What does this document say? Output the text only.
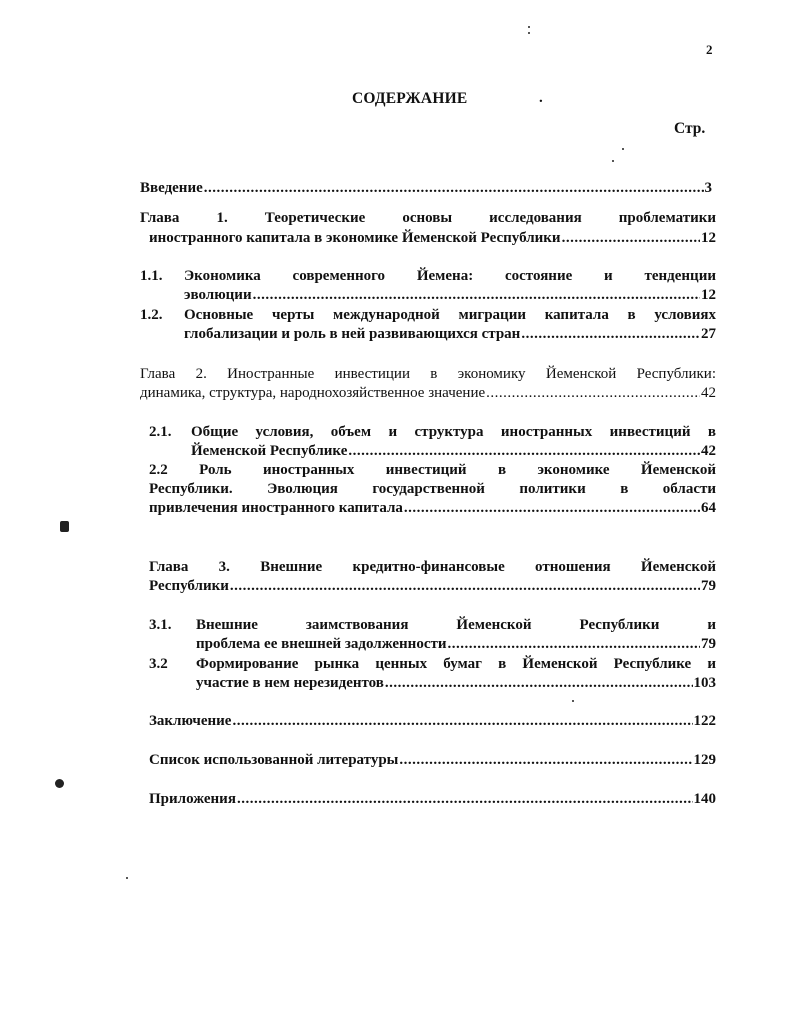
2
СОДЕРЖАНИЕ	.
Стр.
Введение .....	3
Глава 1. Теоретические основы исследования проблематики
иностранного капитала в экономике Йеменской Республики .....	12
1.1. Экономика современного Йемена: состояние и тенденции
эволюции .....	12
1.2. Основные черты международной миграции капитала в условиях
глобализации и роль в ней развивающихся стран .....	27
Глава 2. Иностранные инвестиции в экономику Йеменской Республики:
динамика, структура, народнохозяйственное значение .....	42
2.1. Общие условия, объем и структура иностранных инвестиций в
Йеменской Республике .....	42
2.2 Роль иностранных инвестиций в экономике Йеменской
Республики. Эволюция государственной политики в области
привлечения иностранного капитала .....	64
Глава 3. Внешние кредитно-финансовые отношения Йеменской
Республики .....	79
3.1. Внешние заимствования Йеменской Республики и
проблема ее внешней задолженности .....	79
3.2 Формирование рынка ценных бумаг в Йеменской Республике и
участие в нем нерезидентов .....	103
Заключение .....	122
Список использованной литературы .....	129
Приложения .....	140
